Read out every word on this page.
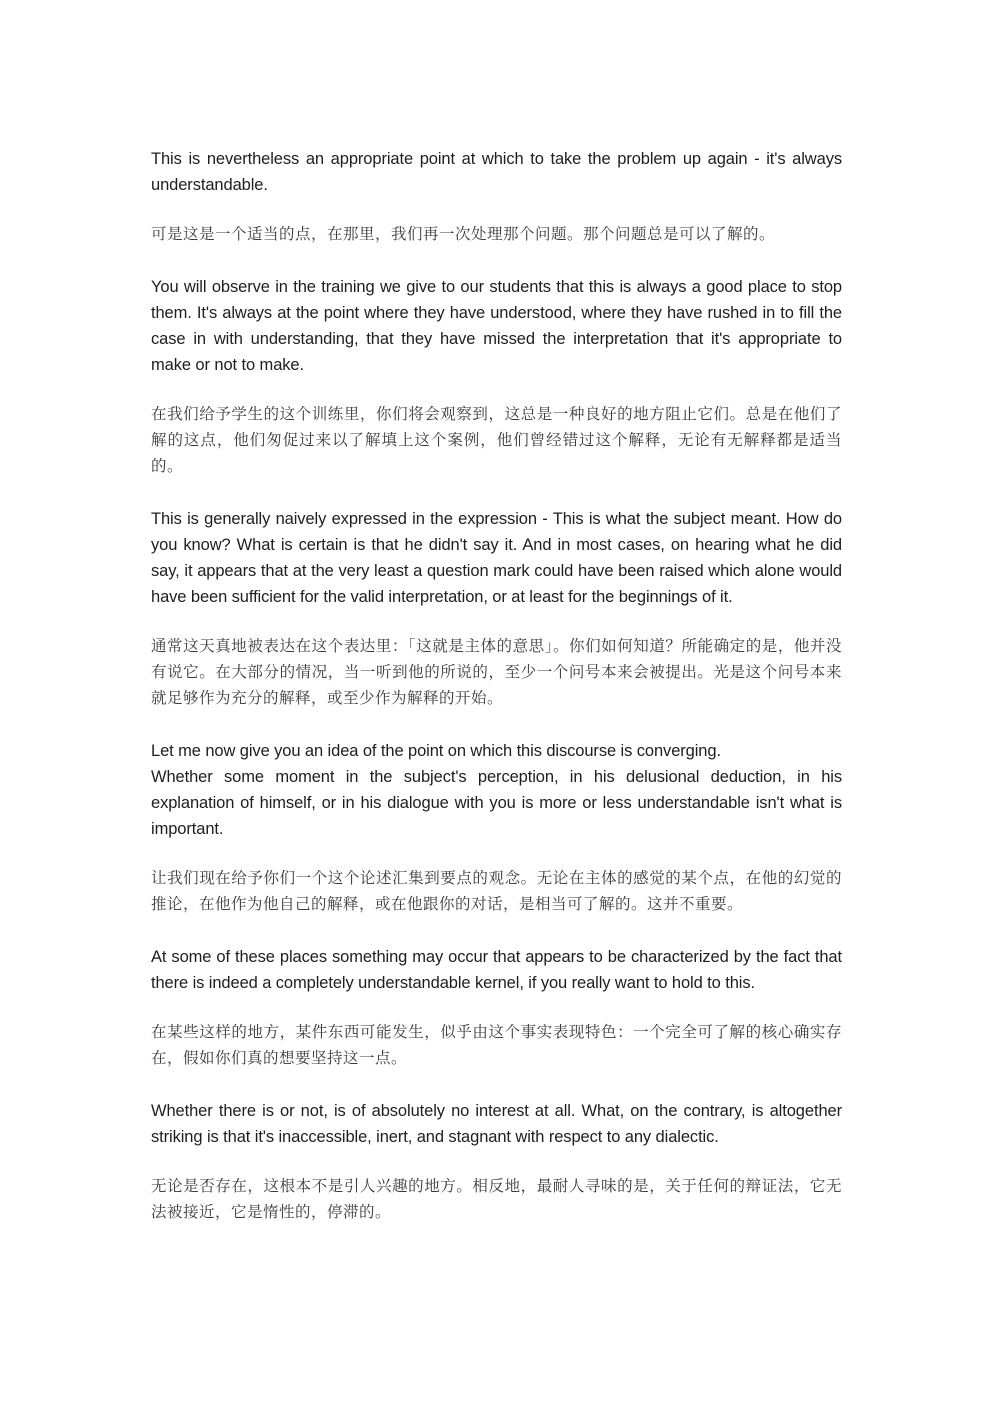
This is nevertheless an appropriate point at which to take the problem up again - it's always understandable.

可是这是一个适当的点，在那里，我们再一次处理那个问题。那个问题总是可以了解的。

You will observe in the training we give to our students that this is always a good place to stop them. It's always at the point where they have understood, where they have rushed in to fill the case in with understanding, that they have missed the interpretation that it's appropriate to make or not to make.

在我们给予学生的这个训练里，你们将会观察到，这总是一种良好的地方阻止它们。总是在他们了解的这点，他们匆促过来以了解填上这个案例，他们曾经错过这个解释，无论有无解释都是适当的。

This is generally naively expressed in the expression - This is what the subject meant. How do you know? What is certain is that he didn't say it. And in most cases, on hearing what he did say, it appears that at the very least a question mark could have been raised which alone would have been sufficient for the valid interpretation, or at least for the beginnings of it.

通常这天真地被表达在这个表达里：「这就是主体的意思」。你们如何知道？所能确定的是，他并没有说它。在大部分的情况，当一听到他的所说的，至少一个问号本来会被提出。光是这个问号本来就足够作为充分的解释，或至少作为解释的开始。

Let me now give you an idea of the point on which this discourse is converging.
Whether some moment in the subject's perception, in his delusional deduction, in his explanation of himself, or in his dialogue with you is more or less understandable isn't what is important.

让我们现在给予你们一个这个论述汇集到要点的观念。无论在主体的感觉的某个点，在他的幻觉的推论，在他作为他自己的解释，或在他跟你的对话，是相当可了解的。这并不重要。

At some of these places something may occur that appears to be characterized by the fact that there is indeed a completely understandable kernel, if you really want to hold to this.

在某些这样的地方，某件东西可能发生，似乎由这个事实表现特色：一个完全可了解的核心确实存在，假如你们真的想要坚持这一点。

Whether there is or not, is of absolutely no interest at all. What, on the contrary, is altogether striking is that it's inaccessible, inert, and stagnant with respect to any dialectic.

无论是否存在，这根本不是引人兴趣的地方。相反地，最耐人寻味的是，关于任何的辩证法，它无法被接近，它是惰性的，停滞的。
